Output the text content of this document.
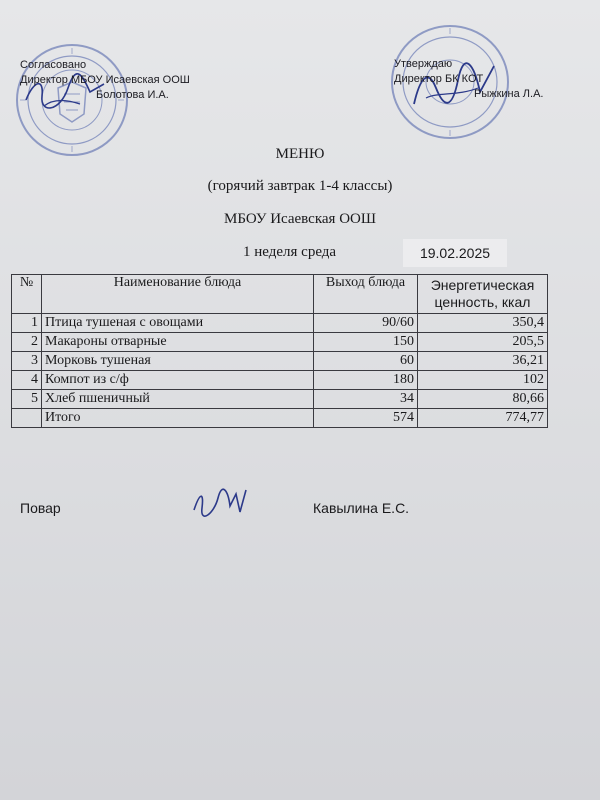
Согласовано
Директор МБОУ Исаевская ООШ
Болотова И.А.
Утверждаю
Директор БК КОТ
Рыжкина Л.А.
МЕНЮ
(горячий завтрак 1-4 классы)
МБОУ Исаевская ООШ
1 неделя среда	19.02.2025
№	Наименование блюда	Выход блюда	Энергетическая ценность, ккал
1	Птица тушеная с овощами	90/60	350,4
2	Макароны отварные	150	205,5
3	Морковь тушеная	60	36,21
4	Компот из с/ф	180	102
5	Хлеб пшеничный	34	80,66
	Итого	574	774,77
Повар	Кавылина Е.С.
